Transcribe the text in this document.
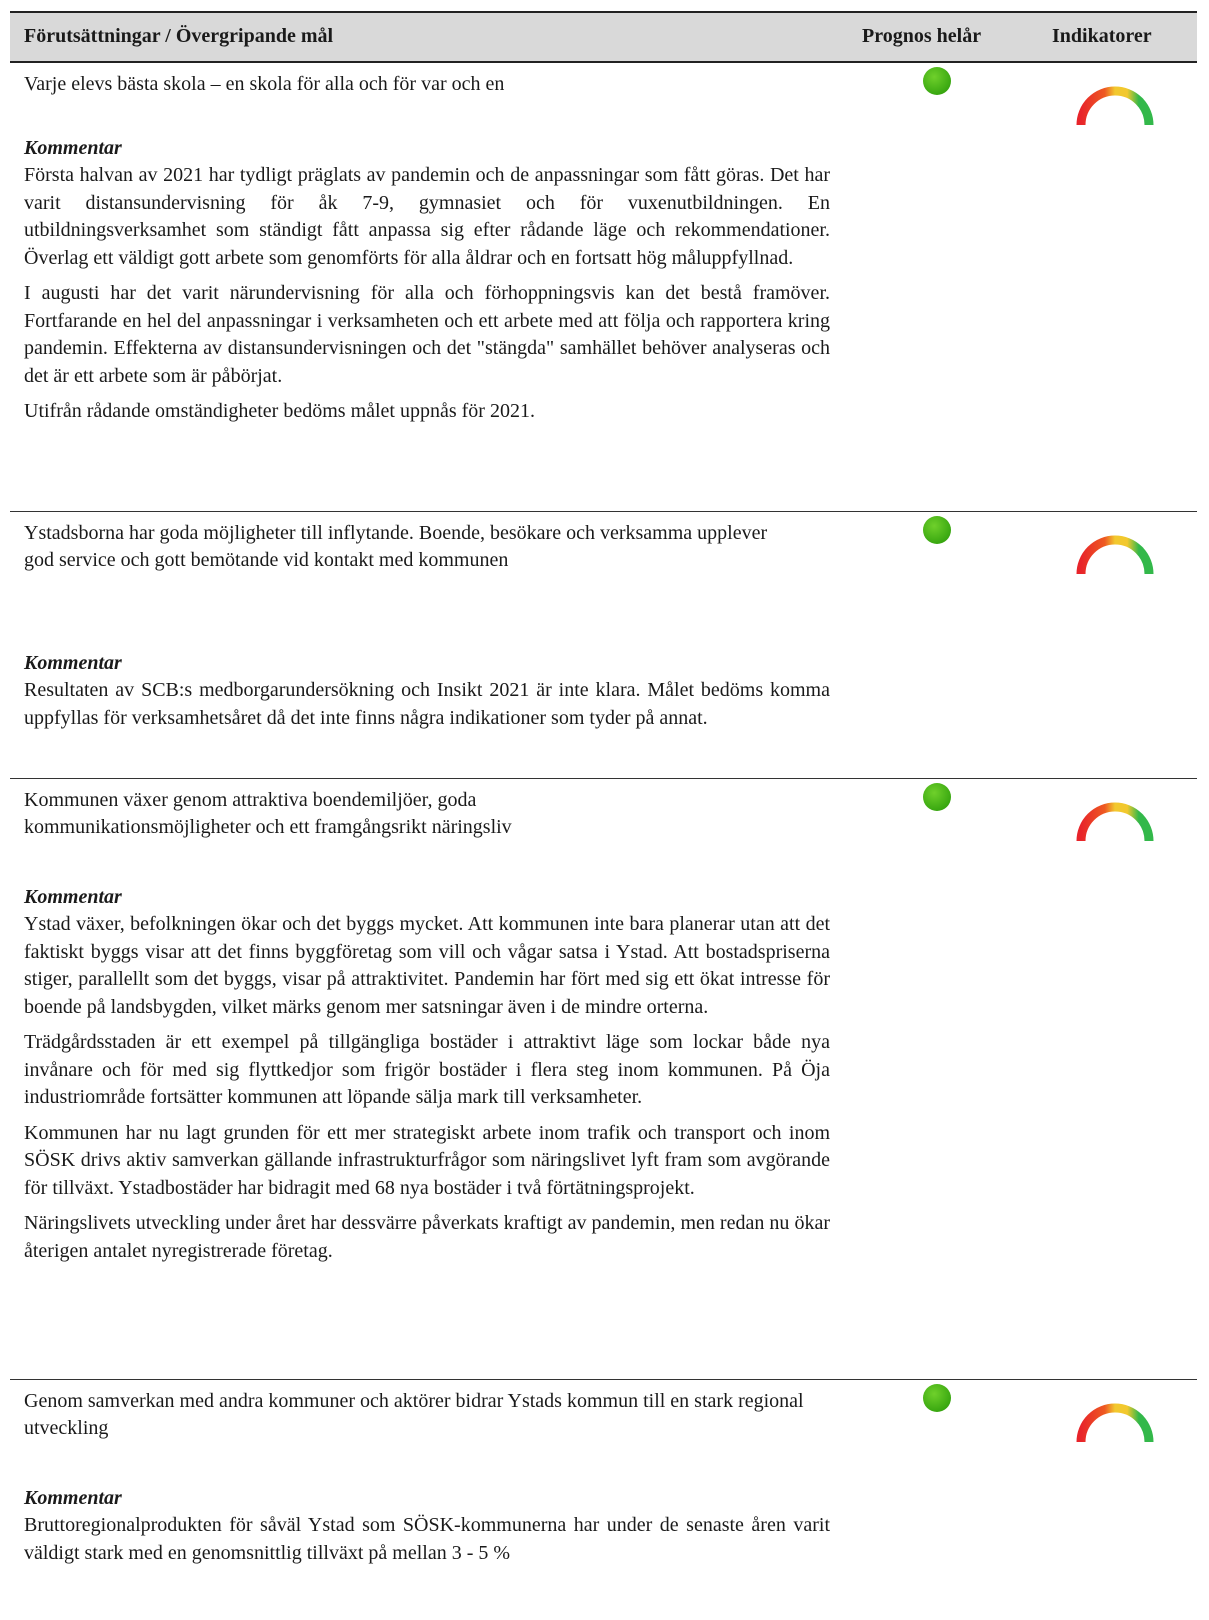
Förutsättningar / Övergripande mål	Prognos helår	Indikatorer
Varje elevs bästa skola – en skola för alla och för var och en
Kommentar

Första halvan av 2021 har tydligt präglats av pandemin och de anpassningar som fått göras. Det har varit distansundervisning för åk 7-9, gymnasiet och för vuxenutbildningen. En utbildningsverksamhet som ständigt fått anpassa sig efter rådande läge och rekommendationer. Överlag ett väldigt gott arbete som genomförts för alla åldrar och en fortsatt hög måluppfyllnad.

I augusti har det varit närundervisning för alla och förhoppningsvis kan det bestå framöver. Fortfarande en hel del anpassningar i verksamheten och ett arbete med att följa och rapportera kring pandemin. Effekterna av distansundervisningen och det "stängda" samhället behöver analyseras och det är ett arbete som är påbörjat.

Utifrån rådande omständigheter bedöms målet uppnås för 2021.

Ystadsborna har goda möjligheter till inflytande. Boende, besökare och verksamma upplever god service och gott bemötande vid kontakt med kommunen
Kommentar

Resultaten av SCB:s medborgarundersökning och Insikt 2021 är inte klara. Målet bedöms komma uppfyllas för verksamhetsåret då det inte finns några indikationer som tyder på annat.

Kommunen växer genom attraktiva boendemiljöer, goda kommunikationsmöjligheter och ett framgångsrikt näringsliv
Kommentar

Ystad växer, befolkningen ökar och det byggs mycket. Att kommunen inte bara planerar utan att det faktiskt byggs visar att det finns byggföretag som vill och vågar satsa i Ystad. Att bostadspriserna stiger, parallellt som det byggs, visar på attraktivitet. Pandemin har fört med sig ett ökat intresse för boende på landsbygden, vilket märks genom mer satsningar även i de mindre orterna.

Trädgårdsstaden är ett exempel på tillgängliga bostäder i attraktivt läge som lockar både nya invånare och för med sig flyttkedjor som frigör bostäder i flera steg inom kommunen. På Öja industriområde fortsätter kommunen att löpande sälja mark till verksamheter.

Kommunen har nu lagt grunden för ett mer strategiskt arbete inom trafik och transport och inom SÖSK drivs aktiv samverkan gällande infrastrukturfrågor som näringslivet lyft fram som avgörande för tillväxt. Ystadbostäder har bidragit med 68 nya bostäder i två förtätningsprojekt.

Näringslivets utveckling under året har dessvärre påverkats kraftigt av pandemin, men redan nu ökar återigen antalet nyregistrerade företag.

Genom samverkan med andra kommuner och aktörer bidrar Ystads kommun till en stark regional utveckling
Kommentar

Bruttoregionalprodukten för såväl Ystad som SÖSK-kommunerna har under de senaste åren varit väldigt stark med en genomsnittlig tillväxt på mellan 3 - 5 %
